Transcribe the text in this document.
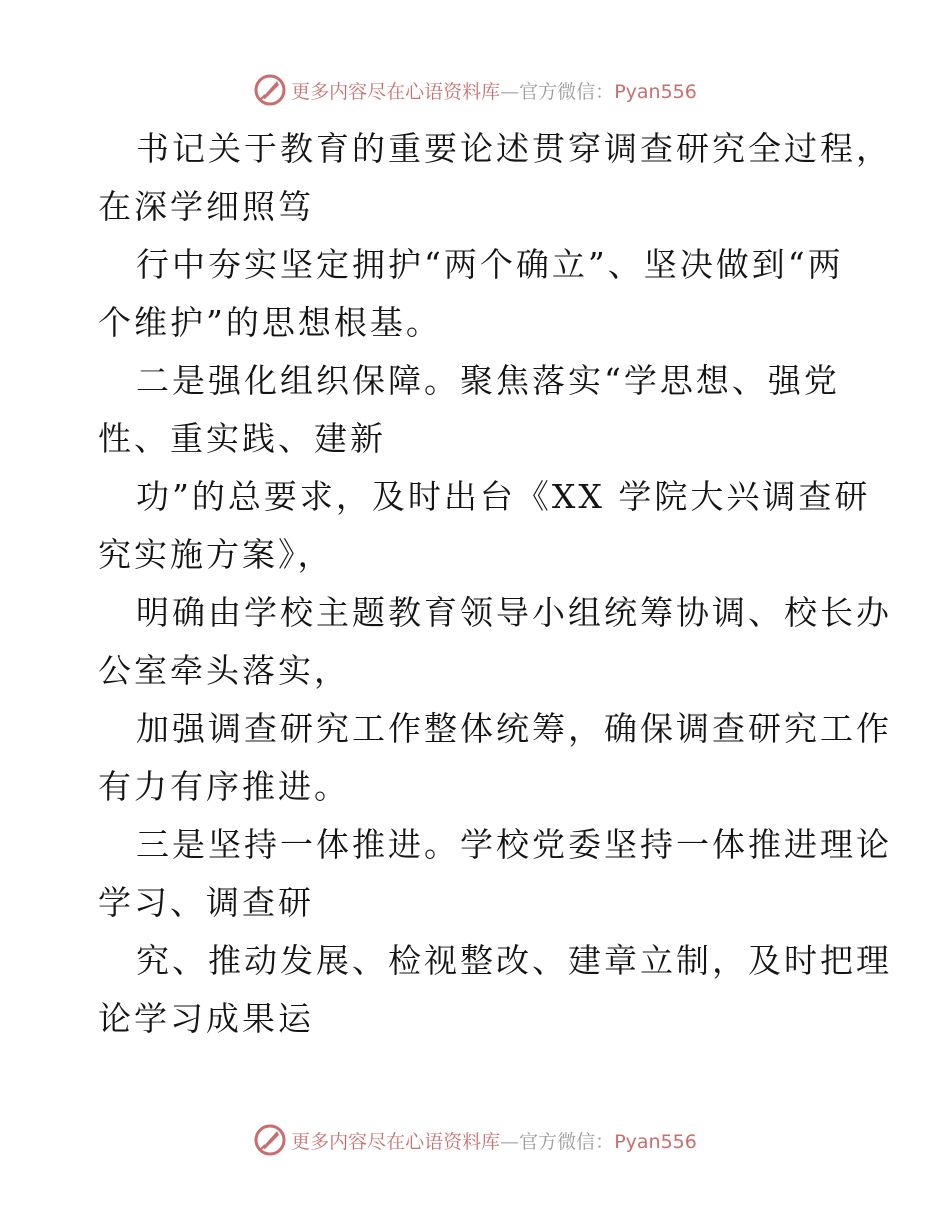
更多内容尽在心语资料库—官方微信：Pyan556
书记关于教育的重要论述贯穿调查研究全过程，
在深学细照笃
行中夯实坚定拥护“两个确立”、坚决做到“两
个维护”的思想根基。
二是强化组织保障。聚焦落实“学思想、强党
性、重实践、建新
功”的总要求，及时出台《XX 学院大兴调查研
究实施方案》，
明确由学校主题教育领导小组统筹协调、校长办
公室牵头落实，
加强调查研究工作整体统筹，确保调查研究工作
有力有序推进。
三是坚持一体推进。学校党委坚持一体推进理论
学习、调查研
究、推动发展、检视整改、建章立制，及时把理
论学习成果运
更多内容尽在心语资料库—官方微信：Pyan556
